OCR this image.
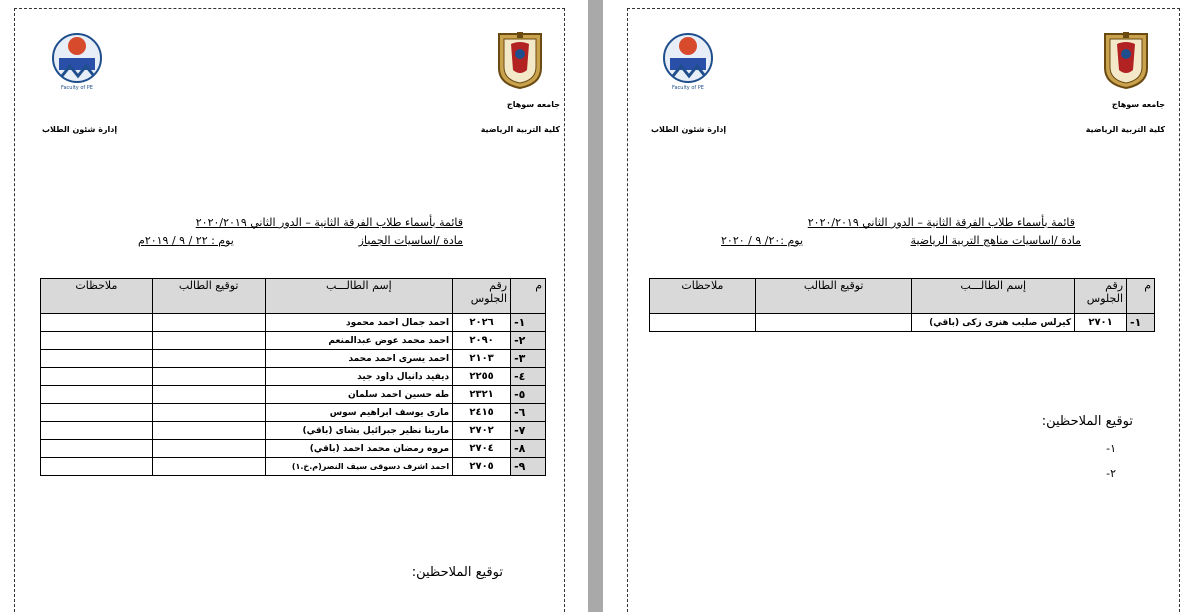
Faculty of PE
جامعه سوهاج
كلية التربية الرياضية
إدارة شئون الطلاب
قائمة بأسماء طلاب الفرقة الثانية – الدور الثاني ٢٠٢٠/٢٠١٩
مادة /اساسيات الجمباز
يوم : ٢٢ / ٩ / ٢٠١٩م
م	رقم الجلوس	إسم الطالـــب	توقيع الطالب	ملاحظات
١-	٢٠٢٦	احمد جمال احمد محمود		
٢-	٢٠٩٠	احمد محمد عوض عبدالمنعم		
٣-	٢١٠٣	احمد يسرى احمد محمد		
٤-	٢٢٥٥	ديفيد دانيال داود جيد		
٥-	٢٣٢١	طه حسين احمد سلمان		
٦-	٢٤١٥	مارى يوسف ابراهيم سوس		
٧-	٢٧٠٢	مارينا نظير جبرائيل بشاى (باقي)		
٨-	٢٧٠٤	مروه رمضان محمد احمد (باقي)		
٩-	٢٧٠٥	احمد اشرف دسوقى سيف النصر(م.خ.١)		
توقيع الملاحظين:
Faculty of PE
جامعه سوهاج
كلية التربية الرياضية
إدارة شئون الطلاب
قائمة بأسماء طلاب الفرقة الثانية – الدور الثاني ٢٠٢٠/٢٠١٩
مادة /اساسيات مناهج التربية الرياضية
يوم :٢٠/ ٩ / ٢٠٢٠
م	رقم الجلوس	إسم الطالـــب	توقيع الطالب	ملاحظات
١-	٢٧٠١	كيرلس صليب هنرى زكى (باقي)		
توقيع الملاحظين:
١-
٢-
